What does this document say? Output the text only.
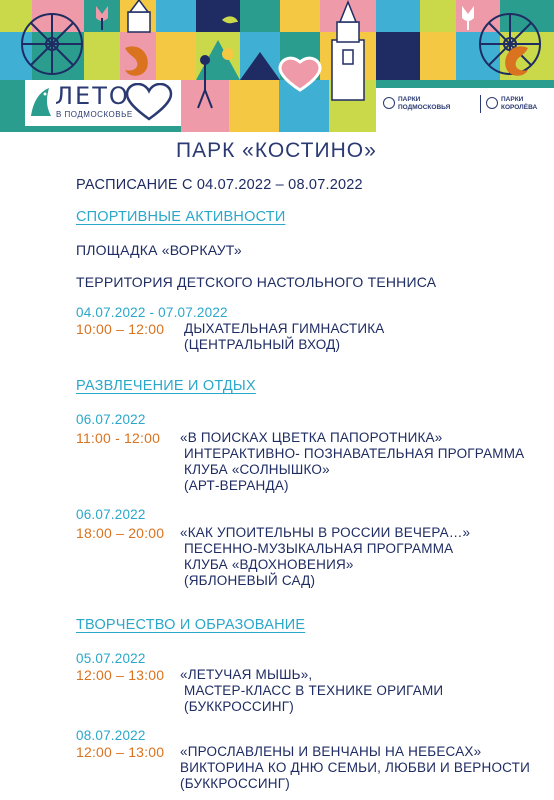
ЛЕТО
В ПОДМОСКОВЬЕ
ПАРКИ
ПОДМОСКОВЬЯ
ПАРКИ
КОРОЛЁВА
ПАРК «КОСТИНО»
РАСПИСАНИЕ С 04.07.2022 – 08.07.2022
СПОРТИВНЫЕ АКТИВНОСТИ
ПЛОЩАДКА «ВОРКАУТ»
ТЕРРИТОРИЯ ДЕТСКОГО НАСТОЛЬНОГО ТЕННИСА
04.07.2022 - 07.07.2022
10:00 – 12:00 ДЫХАТЕЛЬНАЯ ГИМНАСТИКА
(ЦЕНТРАЛЬНЫЙ ВХОД)
РАЗВЛЕЧЕНИЕ И ОТДЫХ
06.07.2022
11:00 - 12:00 «В ПОИСКАХ ЦВЕТКА ПАПОРОТНИКА»
ИНТЕРАКТИВНО- ПОЗНАВАТЕЛЬНАЯ ПРОГРАММА
КЛУБА «СОЛНЫШКО»
(АРТ-ВЕРАНДА)
06.07.2022
18:00 – 20:00 «КАК УПОИТЕЛЬНЫ В РОССИИ ВЕЧЕРА…»
ПЕСЕННО-МУЗЫКАЛЬНАЯ ПРОГРАММА
КЛУБА «ВДОХНОВЕНИЯ»
(ЯБЛОНЕВЫЙ САД)
ТВОРЧЕСТВО И ОБРАЗОВАНИЕ
05.07.2022
12:00 – 13:00 «ЛЕТУЧАЯ МЫШЬ»,
МАСТЕР-КЛАСС В ТЕХНИКЕ ОРИГАМИ
(БУККРОССИНГ)
08.07.2022
12:00 – 13:00 «ПРОСЛАВЛЕНЫ И ВЕНЧАНЫ НА НЕБЕСАХ»
ВИКТОРИНА КО ДНЮ СЕМЬИ, ЛЮБВИ И ВЕРНОСТИ
(БУККРОССИНГ)
